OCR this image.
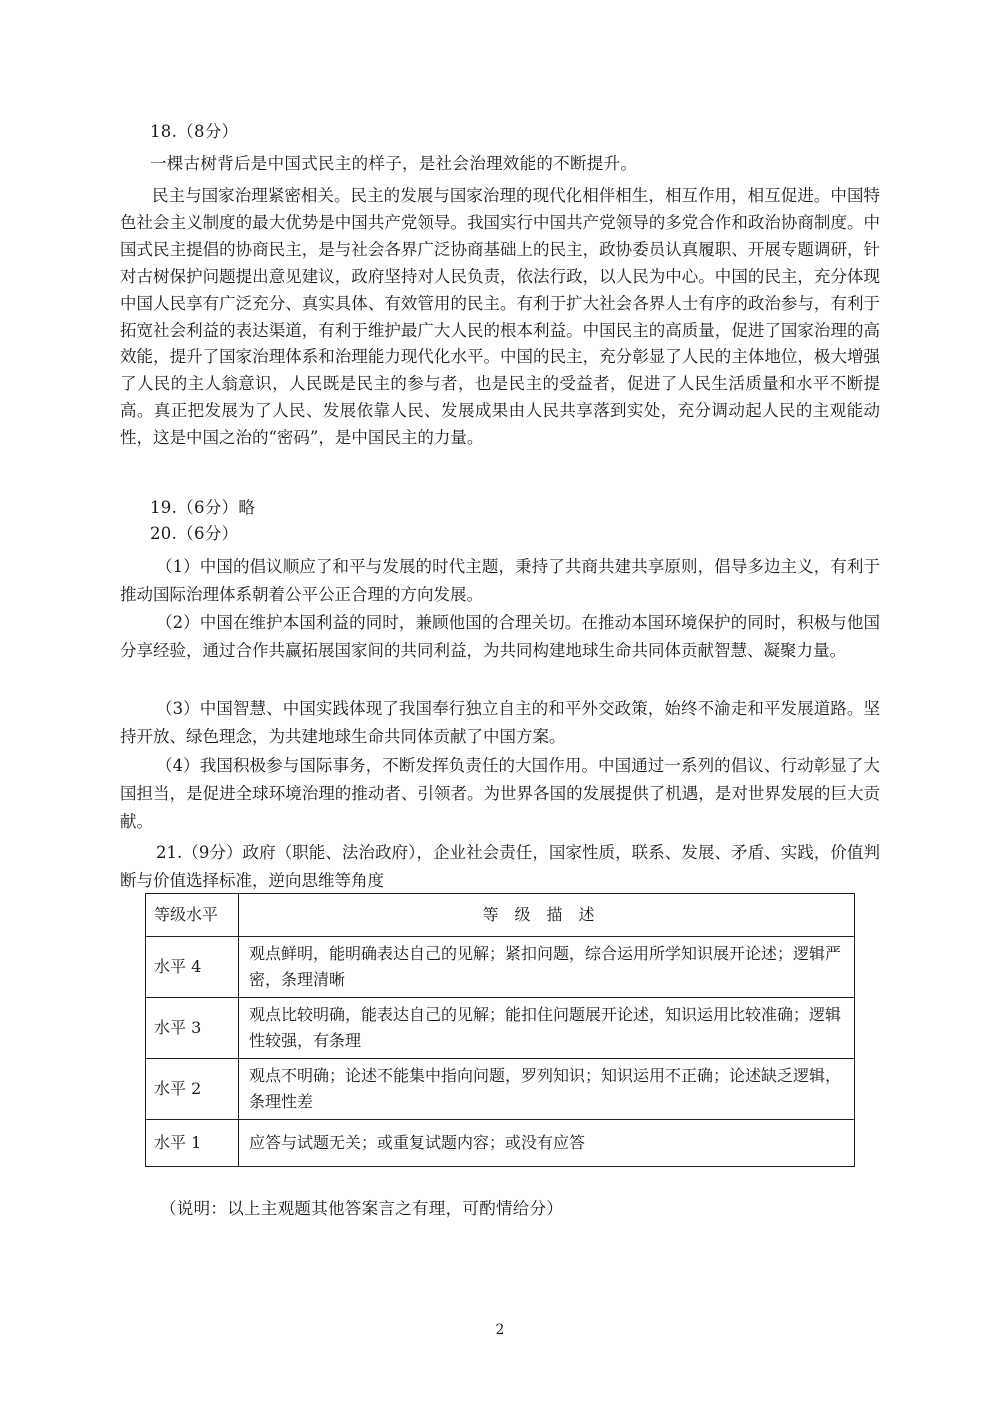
18.（8分）
一棵古树背后是中国式民主的样子，是社会治理效能的不断提升。
民主与国家治理紧密相关。民主的发展与国家治理的现代化相伴相生，相互作用，相互促进。中国特色社会主义制度的最大优势是中国共产党领导。我国实行中国共产党领导的多党合作和政治协商制度。中国式民主提倡的协商民主，是与社会各界广泛协商基础上的民主，政协委员认真履职、开展专题调研，针对古树保护问题提出意见建议，政府坚持对人民负责，依法行政，以人民为中心。中国的民主，充分体现中国人民享有广泛充分、真实具体、有效管用的民主。有利于扩大社会各界人士有序的政治参与，有利于拓宽社会利益的表达渠道，有利于维护最广大人民的根本利益。中国民主的高质量，促进了国家治理的高效能，提升了国家治理体系和治理能力现代化水平。中国的民主，充分彰显了人民的主体地位，极大增强了人民的主人翁意识，人民既是民主的参与者，也是民主的受益者，促进了人民生活质量和水平不断提高。真正把发展为了人民、发展依靠人民、发展成果由人民共享落到实处，充分调动起人民的主观能动性，这是中国之治的“密码”，是中国民主的力量。
19.（6分）略
20.（6分）
（1）中国的倡议顺应了和平与发展的时代主题，秉持了共商共建共享原则，倡导多边主义，有利于推动国际治理体系朝着公平公正合理的方向发展。
（2）中国在维护本国利益的同时，兼顾他国的合理关切。在推动本国环境保护的同时，积极与他国分享经验，通过合作共赢拓展国家间的共同利益，为共同构建地球生命共同体贡献智慧、凝聚力量。
（3）中国智慧、中国实践体现了我国奉行独立自主的和平外交政策，始终不渝走和平发展道路。坚持开放、绿色理念，为共建地球生命共同体贡献了中国方案。
（4）我国积极参与国际事务，不断发挥负责任的大国作用。中国通过一系列的倡议、行动彰显了大国担当，是促进全球环境治理的推动者、引领者。为世界各国的发展提供了机遇，是对世界发展的巨大贡献。
21.（9分）政府（职能、法治政府），企业社会责任，国家性质，联系、发展、矛盾、实践，价值判断与价值选择标准，逆向思维等角度
等级水平	等级描述
水平 4	观点鲜明，能明确表达自己的见解；紧扣问题，综合运用所学知识展开论述；逻辑严密，条理清晰
水平 3	观点比较明确，能表达自己的见解；能扣住问题展开论述，知识运用比较准确；逻辑性较强，有条理
水平 2	观点不明确；论述不能集中指向问题，罗列知识；知识运用不正确；论述缺乏逻辑，条理性差
水平 1	应答与试题无关；或重复试题内容；或没有应答
（说明：以上主观题其他答案言之有理，可酌情给分）
2
